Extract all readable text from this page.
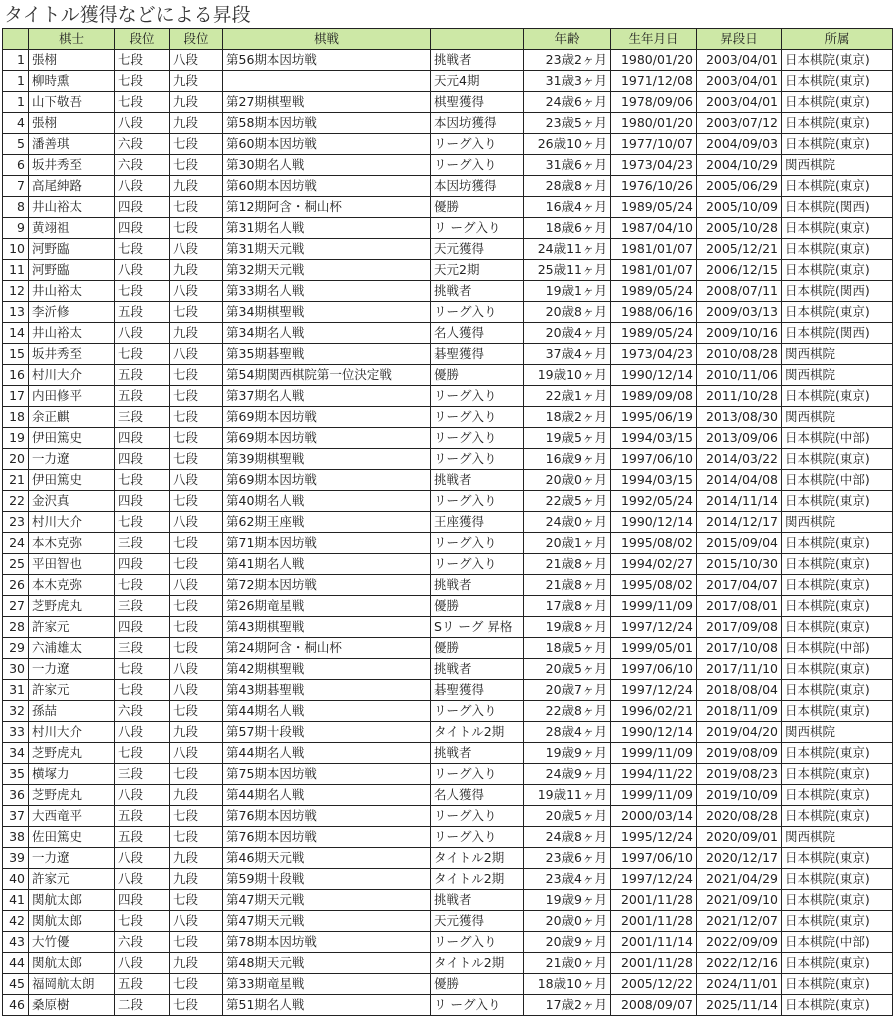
タイトル獲得などによる昇段
	棋士	段位	段位	棋戦		年齢	生年月日	昇段日	所属
1	張栩	七段	八段	第56期本因坊戦	挑戦者	23歳2ヶ月	1980/01/20	2003/04/01	日本棋院(東京)
1	柳時熏	七段	九段		天元4期	31歳3ヶ月	1971/12/08	2003/04/01	日本棋院(東京)
1	山下敬吾	七段	九段	第27期棋聖戦	棋聖獲得	24歳6ヶ月	1978/09/06	2003/04/01	日本棋院(東京)
4	張栩	八段	九段	第58期本因坊戦	本因坊獲得	23歳5ヶ月	1980/01/20	2003/07/12	日本棋院(東京)
5	潘善琪	六段	七段	第60期本因坊戦	リーグ入り	26歳10ヶ月	1977/10/07	2004/09/03	日本棋院(東京)
6	坂井秀至	六段	七段	第30期名人戦	リーグ入り	31歳6ヶ月	1973/04/23	2004/10/29	関西棋院
7	高尾紳路	八段	九段	第60期本因坊戦	本因坊獲得	28歳8ヶ月	1976/10/26	2005/06/29	日本棋院(東京)
8	井山裕太	四段	七段	第12期阿含・桐山杯	優勝	16歳4ヶ月	1989/05/24	2005/10/09	日本棋院(関西)
9	黄翊祖	四段	七段	第31期名人戦	リ ーグ入り	18歳6ヶ月	1987/04/10	2005/10/28	日本棋院(東京)
10	河野臨	七段	八段	第31期天元戦	天元獲得	24歳11ヶ月	1981/01/07	2005/12/21	日本棋院(東京)
11	河野臨	八段	九段	第32期天元戦	天元2期	25歳11ヶ月	1981/01/07	2006/12/15	日本棋院(東京)
12	井山裕太	七段	八段	第33期名人戦	挑戦者	19歳1ヶ月	1989/05/24	2008/07/11	日本棋院(関西)
13	李沂修	五段	七段	第34期棋聖戦	リーグ入り	20歳8ヶ月	1988/06/16	2009/03/13	日本棋院(東京)
14	井山裕太	八段	九段	第34期名人戦	名人獲得	20歳4ヶ月	1989/05/24	2009/10/16	日本棋院(関西)
15	坂井秀至	七段	八段	第35期碁聖戦	碁聖獲得	37歳4ヶ月	1973/04/23	2010/08/28	関西棋院
16	村川大介	五段	七段	第54期関西棋院第一位決定戦	優勝	19歳10ヶ月	1990/12/14	2010/11/06	関西棋院
17	内田修平	五段	七段	第37期名人戦	リーグ入り	22歳1ヶ月	1989/09/08	2011/10/28	日本棋院(東京)
18	余正麒	三段	七段	第69期本因坊戦	リーグ入り	18歳2ヶ月	1995/06/19	2013/08/30	関西棋院
19	伊田篤史	四段	七段	第69期本因坊戦	リーグ入り	19歳5ヶ月	1994/03/15	2013/09/06	日本棋院(中部)
20	一力遼	四段	七段	第39期棋聖戦	リーグ入り	16歳9ヶ月	1997/06/10	2014/03/22	日本棋院(東京)
21	伊田篤史	七段	八段	第69期本因坊戦	挑戦者	20歳0ヶ月	1994/03/15	2014/04/08	日本棋院(中部)
22	金沢真	四段	七段	第40期名人戦	リーグ入り	22歳5ヶ月	1992/05/24	2014/11/14	日本棋院(東京)
23	村川大介	七段	八段	第62期王座戦	王座獲得	24歳0ヶ月	1990/12/14	2014/12/17	関西棋院
24	本木克弥	三段	七段	第71期本因坊戦	リーグ入り	20歳1ヶ月	1995/08/02	2015/09/04	日本棋院(東京)
25	平田智也	四段	七段	第41期名人戦	リーグ入り	21歳8ヶ月	1994/02/27	2015/10/30	日本棋院(東京)
26	本木克弥	七段	八段	第72期本因坊戦	挑戦者	21歳8ヶ月	1995/08/02	2017/04/07	日本棋院(東京)
27	芝野虎丸	三段	七段	第26期竜星戦	優勝	17歳8ヶ月	1999/11/09	2017/08/01	日本棋院(東京)
28	許家元	四段	七段	第43期棋聖戦	Sリ ーグ 昇格	19歳8ヶ月	1997/12/24	2017/09/08	日本棋院(東京)
29	六浦雄太	三段	七段	第24期阿含・桐山杯	優勝	18歳5ヶ月	1999/05/01	2017/10/08	日本棋院(中部)
30	一力遼	七段	八段	第42期棋聖戦	挑戦者	20歳5ヶ月	1997/06/10	2017/11/10	日本棋院(東京)
31	許家元	七段	八段	第43期碁聖戦	碁聖獲得	20歳7ヶ月	1997/12/24	2018/08/04	日本棋院(東京)
32	孫喆	六段	七段	第44期名人戦	リーグ入り	22歳8ヶ月	1996/02/21	2018/11/09	日本棋院(東京)
33	村川大介	八段	九段	第57期十段戦	タイトル2期	28歳4ヶ月	1990/12/14	2019/04/20	関西棋院
34	芝野虎丸	七段	八段	第44期名人戦	挑戦者	19歳9ヶ月	1999/11/09	2019/08/09	日本棋院(東京)
35	横塚力	三段	七段	第75期本因坊戦	リーグ入り	24歳9ヶ月	1994/11/22	2019/08/23	日本棋院(東京)
36	芝野虎丸	八段	九段	第44期名人戦	名人獲得	19歳11ヶ月	1999/11/09	2019/10/09	日本棋院(東京)
37	大西竜平	五段	七段	第76期本因坊戦	リーグ入り	20歳5ヶ月	2000/03/14	2020/08/28	日本棋院(東京)
38	佐田篤史	五段	七段	第76期本因坊戦	リーグ入り	24歳8ヶ月	1995/12/24	2020/09/01	関西棋院
39	一力遼	八段	九段	第46期天元戦	タイトル2期	23歳6ヶ月	1997/06/10	2020/12/17	日本棋院(東京)
40	許家元	八段	九段	第59期十段戦	タイトル2期	23歳4ヶ月	1997/12/24	2021/04/29	日本棋院(東京)
41	関航太郎	四段	七段	第47期天元戦	挑戦者	19歳9ヶ月	2001/11/28	2021/09/10	日本棋院(東京)
42	関航太郎	七段	八段	第47期天元戦	天元獲得	20歳0ヶ月	2001/11/28	2021/12/07	日本棋院(東京)
43	大竹優	六段	七段	第78期本因坊戦	リーグ入り	20歳9ヶ月	2001/11/14	2022/09/09	日本棋院(中部)
44	関航太郎	八段	九段	第48期天元戦	タイトル2期	21歳0ヶ月	2001/11/28	2022/12/16	日本棋院(東京)
45	福岡航太朗	五段	七段	第33期竜星戦	優勝	18歳10ヶ月	2005/12/22	2024/11/01	日本棋院(東京)
46	桑原樹	二段	七段	第51期名人戦	リ ーグ入り	17歳2ヶ月	2008/09/07	2025/11/14	日本棋院(東京)
